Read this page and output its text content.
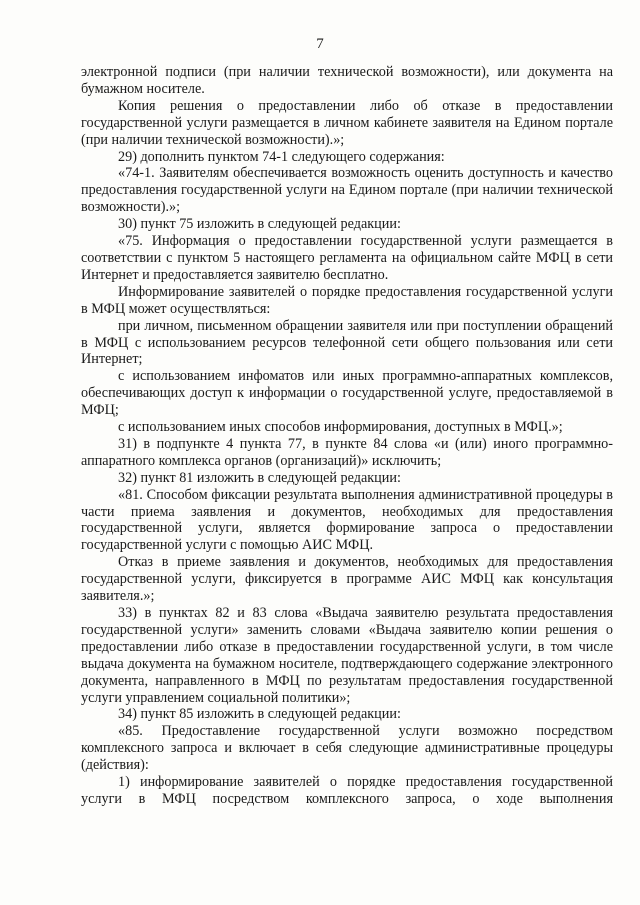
7

электронной подписи (при наличии технической возможности), или документа на бумажном носителе.

Копия решения о предоставлении либо об отказе в предоставлении государственной услуги размещается в личном кабинете заявителя на Едином портале (при наличии технической возможности).»;

29) дополнить пунктом 74-1 следующего содержания:

«74-1. Заявителям обеспечивается возможность оценить доступность и качество предоставления государственной услуги на Едином портале (при наличии технической возможности).»;

30) пункт 75 изложить в следующей редакции:

«75. Информация о предоставлении государственной услуги размещается в соответствии с пунктом 5 настоящего регламента на официальном сайте МФЦ в сети Интернет и предоставляется заявителю бесплатно.

Информирование заявителей о порядке предоставления государственной услуги в МФЦ может осуществляться:

при личном, письменном обращении заявителя или при поступлении обращений в МФЦ с использованием ресурсов телефонной сети общего пользования или сети Интернет;

с использованием инфоматов или иных программно-аппаратных комплексов, обеспечивающих доступ к информации о государственной услуге, предоставляемой в МФЦ;

с использованием иных способов информирования, доступных в МФЦ.»;

31) в подпункте 4 пункта 77, в пункте 84 слова «и (или) иного программно-аппаратного комплекса органов (организаций)» исключить;

32) пункт 81 изложить в следующей редакции:

«81. Способом фиксации результата выполнения административной процедуры в части приема заявления и документов, необходимых для предоставления государственной услуги, является формирование запроса о предоставлении государственной услуги с помощью АИС МФЦ.

Отказ в приеме заявления и документов, необходимых для предоставления государственной услуги, фиксируется в программе АИС МФЦ как консультация заявителя.»;

33) в пунктах 82 и 83 слова «Выдача заявителю результата предоставления государственной услуги» заменить словами «Выдача заявителю копии решения о предоставлении либо отказе в предоставлении государственной услуги, в том числе выдача документа на бумажном носителе, подтверждающего содержание электронного документа, направленного в МФЦ по результатам предоставления государственной услуги управлением социальной политики»;

34) пункт 85 изложить в следующей редакции:

«85. Предоставление государственной услуги возможно посредством комплексного запроса и включает в себя следующие административные процедуры (действия):

1) информирование заявителей о порядке предоставления государственной услуги в МФЦ посредством комплексного запроса, о ходе выполнения
